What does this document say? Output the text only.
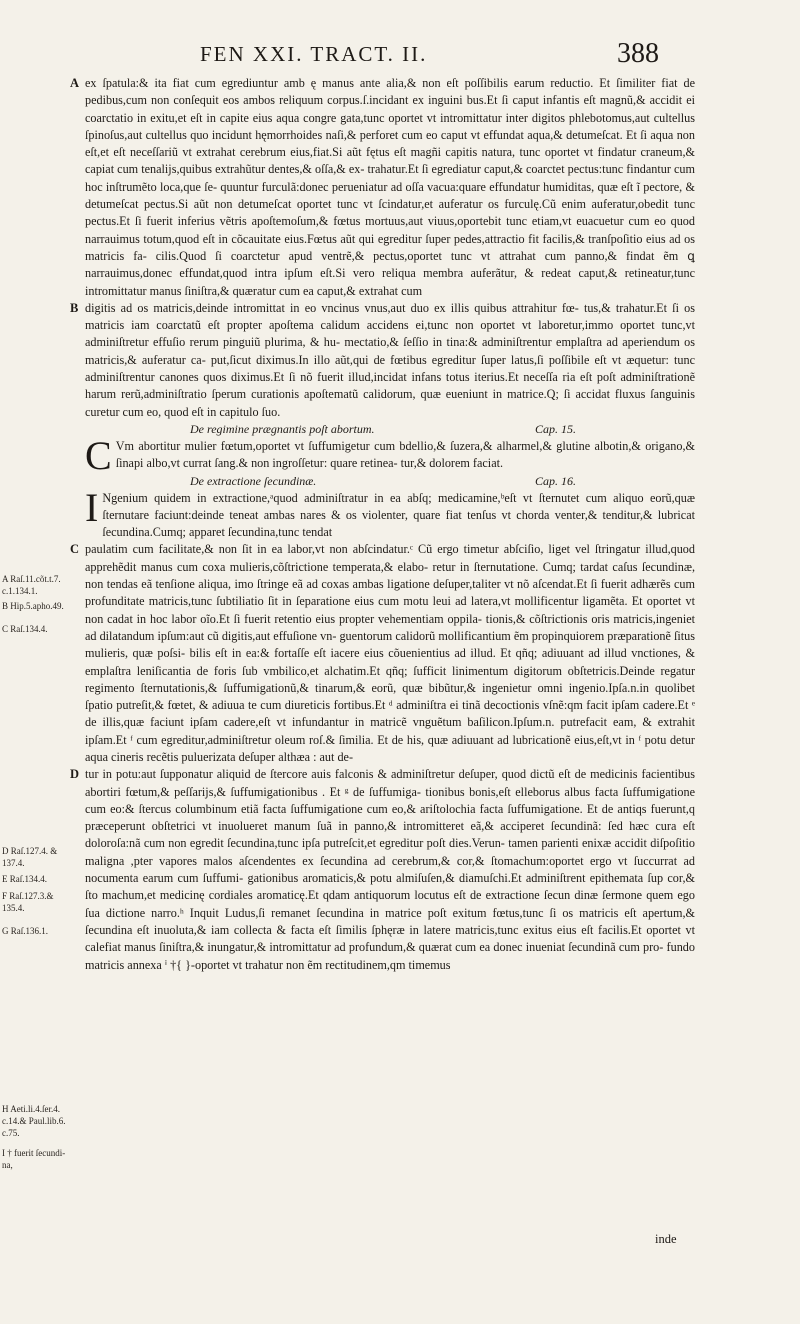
FEN XXI. TRACT. II.	388
A Raſ.11.cõt.t.7.
c.1.134.1.
B Hip.5.apho.49.
C Raſ.134.4.
D Raſ.127.4. &
137.4.
E Raſ.134.4.
F Raſ.127.3.&
135.4.
G Raſ.136.1.
H Aeti.li.4.ſer.4.
c.14.& Paul.lib.6.
c.75.
I † fuerit ſecundi-
na,
A ex ſpatula:& ita fiat cum egrediuntur amb ę manus ante alia,& non eſt poſſibilis earum reductio. Et ſimiliter fiat de pedibus,cum non conſequit eos ambos reliquum corpus.ſ.incidant ex inguini bus.Et ſi caput infantis eſt magnũ,& accidit ei coarctatio in exitu,et eſt in capite eius aqua congre gata,tunc oportet vt intromittatur inter digitos phlebotomus,aut cultellus ſpinoſus,aut cultellus quo incidunt hęmorrhoides naſi,& perforet cum eo caput vt effundat aqua,& detumeſcat. Et ſi aqua non eſt,et eſt neceſſariũ vt extrahat cerebrum eius,fiat.Si aũt fętus eſt magñi capitis natura, tunc oportet vt findatur craneum,& capiat cum tenalijs,quibus extrahũtur dentes,& oſſa,& ex- trahatur.Et ſi egrediatur caput,& coarctet pectus:tunc findantur cum hoc inſtrumẽto loca,que ſe- quuntur furculã:donec perueniatur ad oſſa vacua:quare effundatur humiditas, quæ eſt ĩ pectore, & detumeſcat pectus.Si aũt non detumeſcat oportet tunc vt ſcindatur,et auferatur os furculę.Cũ enim auferatur,obedit tunc pectus.Et ſi fuerit inferius vẽtris apoſtemoſum,& fœtus mortuus,aut viuus,oportebit tunc etiam,vt euacuetur cum eo quod narrauimus totum,quod eſt in cõcauitate eius.Fœtus aũt qui egreditur ſuper pedes,attractio fit facilis,& tranſpoſitio eius ad os matricis fa- cilis.Quod ſi coarctetur apud ventrẽ,& pectus,oportet tunc vt attrahat cum panno,& findat ẽm ꝗ narrauimus,donec effundat,quod intra ipſum eſt.Si vero reliqua membra auferãtur, & redeat caput,& retineatur,tunc intromittatur manus ſiniſtra,& quæratur cum ea caput,& extrahat cum

B digitis ad os matricis,deinde intromittat in eo vncinus vnus,aut duo ex illis quibus attrahitur fœ- tus,& trahatur.Et ſi os matricis iam coarctatũ eſt propter apoſtema calidum accidens ei,tunc non oportet vt laboretur,immo oportet tunc,vt adminiſtretur effuſio rerum pinguiũ plurima, & hu- mectatio,& ſeſſio in tina:& adminiſtrentur emplaſtra ad aperiendum os matricis,& auferatur ca- put,ſicut diximus.In illo aũt,qui de fœtibus egreditur ſuper latus,ſi poſſibile eſt vt æquetur: tunc adminiſtrentur canones quos diximus.Et ſi nõ fuerit illud,incidat infans totus iterius.Et neceſſa ria eſt poſt adminiſtrationẽ harum rerũ,adminiſtratio ſperum curationis apoſtematũ calidorum, quæ eueniunt in matrice.Q; ſi accidat fluxus ſanguinis curetur cum eo, quod eſt in capitulo ſuo.

De regimine prægnantis poſt abortum.	Cap. 15.
C Vm abortitur mulier fœtum,oportet vt ſuffumigetur cum bdellio,& ſuzera,& alharmel,& glutine albotin,& origano,& ſinapi albo,vt currat ſang.& non ingroſſetur: quare retinea- tur,& dolorem faciat.

De extractione ſecundinæ.	Cap. 16.
I Ngenium quidem in extractione,ᵃquod adminiſtratur in ea abſq; medicamine,ᵇeſt vt ſternutet cum aliquo eorũ,quæ ſternutare faciunt:deinde teneat ambas nares & os violenter, quare fiat tenſus vt chorda venter,& tenditur,& lubricat ſecundina.Cumq; apparet ſecundina,tunc tendat

C paulatim cum facilitate,& non ſit in ea labor,vt non abſcindatur.ᶜ Cũ ergo timetur abſciſio, liget vel ſtringatur illud,quod apprehẽdit manus cum coxa mulieris,cõſtrictione temperata,& elabo- retur in ſternutatione. Cumq; tardat caſus ſecundinæ, non tendas eã tenſione aliqua, imo ſtringe eã ad coxas ambas ligatione deſuper,taliter vt nõ aſcendat.Et ſi fuerit adhærẽs cum profunditate matricis,tunc ſubtiliatio ſit in ſeparatione eius cum motu leui ad latera,vt mollificentur ligamẽta. Et oportet vt non cadat in hoc labor oĩo.Et ſi fuerit retentio eius propter vehementiam oppila- tionis,& cõſtrictionis oris matricis,ingeniet ad dilatandum ipſum:aut cũ digitis,aut effuſione vn- guentorum calidorũ mollificantium ẽm propinquiorem præparationẽ ſitus mulieris, quæ poſsi- bilis eſt in ea:& fortaſſe eſt iacere eius cõuenientius ad illud. Et qñq; adiuuant ad illud vnctiones, & emplaſtra leniſicantia de foris ſub vmbilico,et alchatim.Et qñq; ſufficit linimentum digitorum obſtetricis.Deinde regatur regimento ſternutationis,& ſuffumigationũ,& tinarum,& eorũ, quæ bibũtur,& ingenietur omni ingenio.Ipſa.n.in quolibet ſpatio putreſit,& fœtet, & adiuua te cum diureticis fortibus.Et ᵈ adminiſtra ei tinã decoctionis vſnẽ:qm facit ipſam cadere.Et ᵉ de illis,quæ faciunt ipſam cadere,eſt vt infundantur in matricẽ vnguẽtum baſilicon.Ipſum.n. putrefacit eam, & extrahit ipſam.Et ᶠ cum egreditur,adminiſtretur oleum roſ.& ſimilia. Et de his, quæ adiuuant ad lubricationẽ eius,eſt,vt in ᶠ potu detur aqua cineris recẽtis puluerizata deſuper althæa : aut de-

D tur in potu:aut ſupponatur aliquid de ſtercore auis falconis & adminiſtretur deſuper, quod dictũ eſt de medicinis facientibus abortiri fœtum,& peſſarijs,& ſuffumigationibus . Et ᵍ de ſuffumiga- tionibus bonis,eſt elleborus albus facta ſuffumigatione cum eo:& ſtercus columbinum etiã facta ſuffumigatione cum eo,& ariſtolochia facta ſuffumigatione. Et de antiqs fuerunt,q præceperunt obſtetrici vt inuolueret manum ſuã in panno,& intromitteret eã,& acciperet ſecundinã: ſed hæc cura eſt doloroſa:nã cum non egredit ſecundina,tunc ipſa putreſcit,et egreditur poſt dies.Verun- tamen parienti enixæ accidit diſpoſitio maligna ,pter vapores malos aſcendentes ex ſecundina ad cerebrum,& cor,& ſtomachum:oportet ergo vt ſuccurrat ad nocumenta earum cum ſuffumi- gationibus aromaticis,& potu almiſuſen,& diamuſchi.Et adminiſtrent epithemata ſup cor,& ſto machum,et medicinę cordiales aromaticę.Et qdam antiquorum locutus eſt de extractione ſecun dinæ ſermone quem ego ſua dictione narro.ʰ Inquit Ludus,ſi remanet ſecundina in matrice poſt exitum fœtus,tunc ſi os matricis eſt apertum,& ſecundina eſt inuoluta,& iam collecta & facta eſt ſimilis ſphęræ in latere matricis,tunc exitus eius eſt facilis.Et oportet vt calefiat manus ſiniſtra,& inungatur,& intromittatur ad profundum,& quærat cum ea donec inueniat ſecundinã cum pro- fundo matricis annexa ⁱ †{ }-oportet vt trahatur non ẽm rectitudinem,qm timemus

inde
